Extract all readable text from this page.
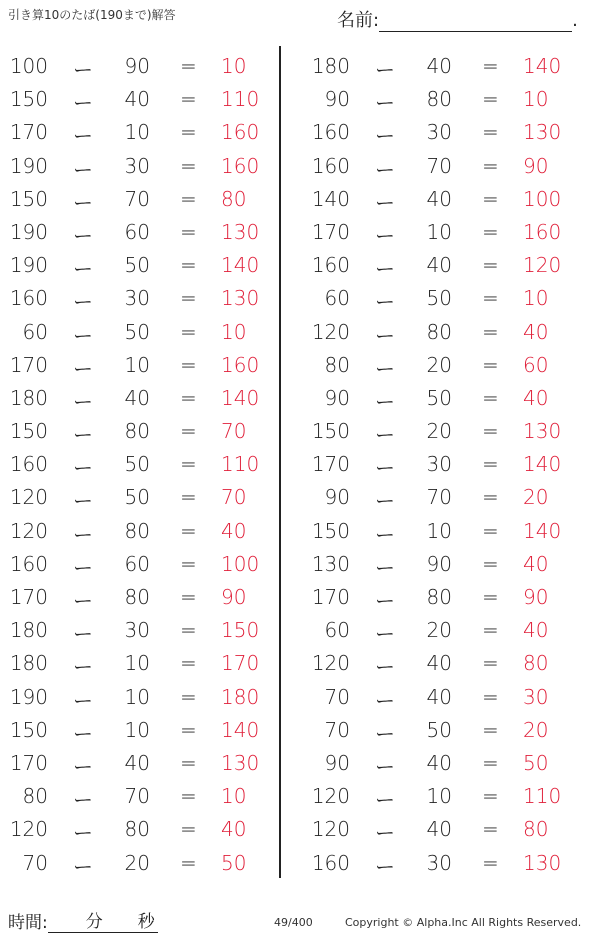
引き算10のたば(190まで)解答	名前:	.
100 ー	90 = 10
150 ー	40 = 110
170 ー	10 = 160
190 ー	30 = 160
150 ー	70 = 80
190 ー	60 = 130
190 ー	50 = 140
160 ー	30 = 130
60 ー	50 = 10
170 ー	10 = 160
180 ー	40 = 140
150 ー	80 = 70
160 ー	50 = 110
120 ー	50 = 70
120 ー	80 = 40
160 ー	60 = 100
170 ー	80 = 90
180 ー	30 = 150
180 ー	10 = 170
190 ー	10 = 180
150 ー	10 = 140
170 ー	40 = 130
80 ー	70 = 10
120 ー	80 = 40
70 ー	20 = 50
180 ー	40 = 140
90 ー	80 = 10
160 ー	30 = 130
160 ー	70 = 90
140 ー	40 = 100
170 ー	10 = 160
160 ー	40 = 120
60 ー	50 = 10
120 ー	80 = 40
80 ー	20 = 60
90 ー	50 = 40
150 ー	20 = 130
170 ー	30 = 140
90 ー	70 = 20
150 ー	10 = 140
130 ー	90 = 40
170 ー	80 = 90
60 ー	20 = 40
120 ー	40 = 80
70 ー	40 = 30
70 ー	50 = 20
90 ー	40 = 50
120 ー	10 = 110
120 ー	40 = 80
160 ー	30 = 130
時間: 分 秒	49/400	Copyright © Alpha.Inc All Rights Reserved.
